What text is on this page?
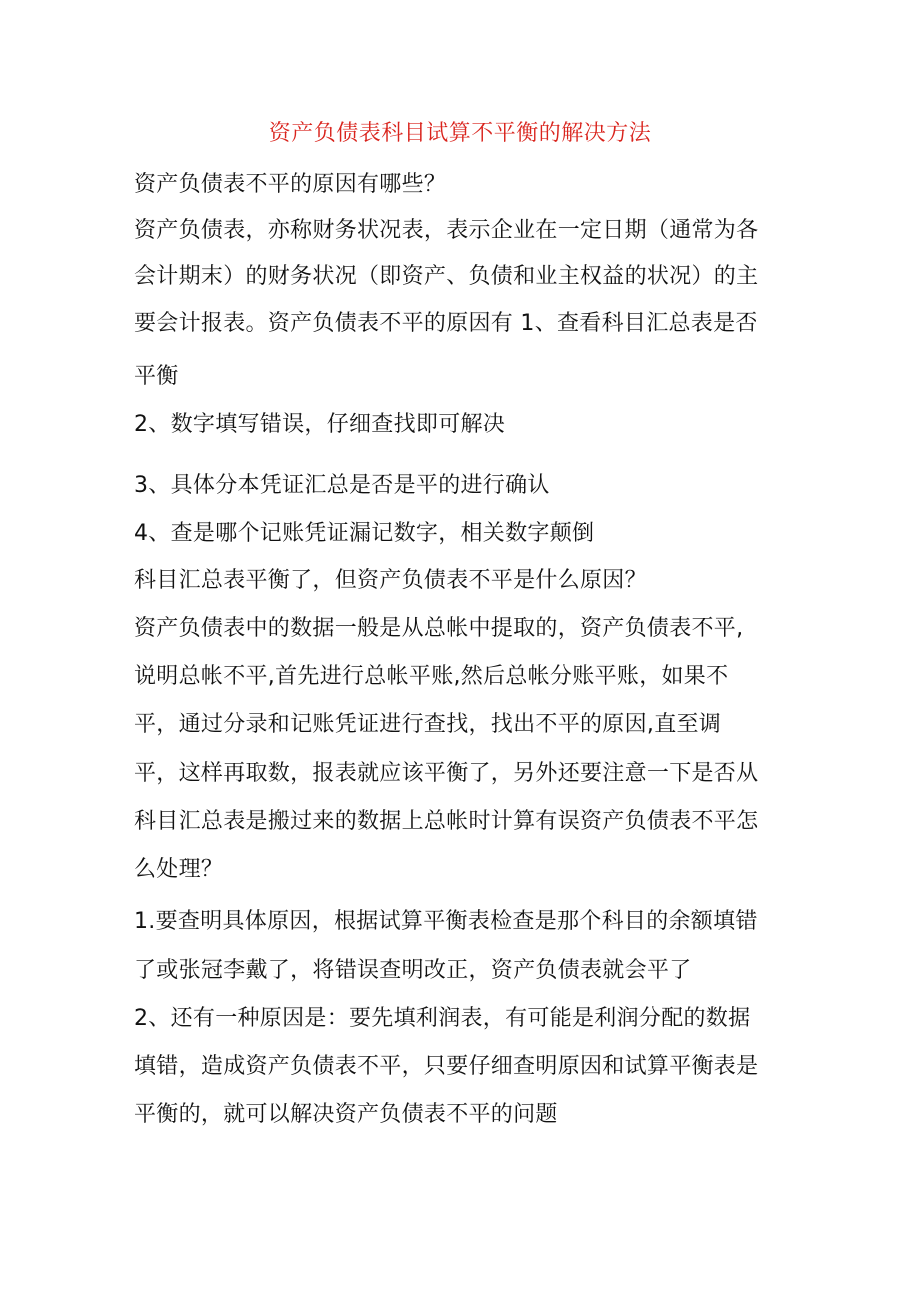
资产负债表科目试算不平衡的解决方法
资产负债表不平的原因有哪些？
资产负债表，亦称财务状况表，表示企业在一定日期（通常为各
会计期末）的财务状况（即资产、负债和业主权益的状况）的主
要会计报表。资产负债表不平的原因有 1、查看科目汇总表是否
平衡
2、数字填写错误，仔细查找即可解决
3、具体分本凭证汇总是否是平的进行确认
4、查是哪个记账凭证漏记数字，相关数字颠倒
科目汇总表平衡了，但资产负债表不平是什么原因？
资产负债表中的数据一般是从总帐中提取的，资产负债表不平,
说明总帐不平,首先进行总帐平账,然后总帐分账平账，如果不
平，通过分录和记账凭证进行查找，找出不平的原因,直至调
平，这样再取数，报表就应该平衡了，另外还要注意一下是否从
科目汇总表是搬过来的数据上总帐时计算有误资产负债表不平怎
么处理？
1.要查明具体原因，根据试算平衡表检查是那个科目的余额填错
了或张冠李戴了，将错误查明改正，资产负债表就会平了
2、还有一种原因是：要先填利润表，有可能是利润分配的数据
填错，造成资产负债表不平，只要仔细查明原因和试算平衡表是
平衡的，就可以解决资产负债表不平的问题
